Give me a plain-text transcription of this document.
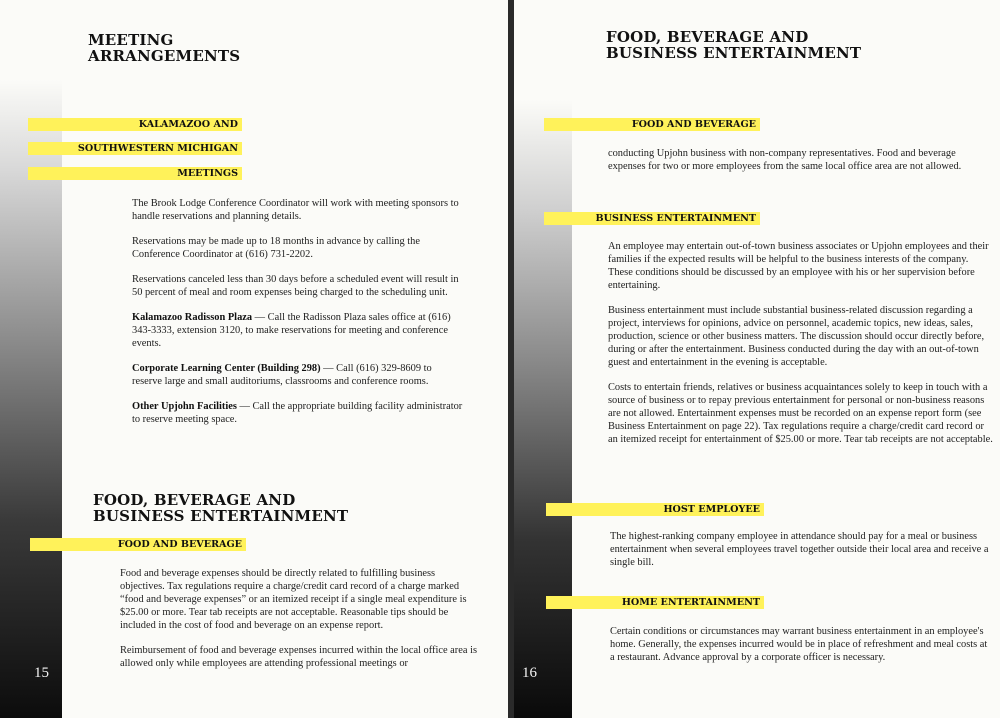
MEETING
ARRANGEMENTS
KALAMAZOO AND
SOUTHWESTERN MICHIGAN
MEETINGS

The Brook Lodge Conference Coordinator will work with meeting sponsors to handle reservations and planning details.

Reservations may be made up to 18 months in advance by calling the Conference Coordinator at (616) 731-2202.

Reservations canceled less than 30 days before a scheduled event will result in 50 percent of meal and room expenses being charged to the scheduling unit.

Kalamazoo Radisson Plaza — Call the Radisson Plaza sales office at (616) 343-3333, extension 3120, to make reservations for meeting and conference events.

Corporate Learning Center (Building 298) — Call (616) 329-8609 to reserve large and small auditoriums, classrooms and conference rooms.

Other Upjohn Facilities — Call the appropriate building facility administrator to reserve meeting space.

FOOD, BEVERAGE AND
BUSINESS ENTERTAINMENT
FOOD AND BEVERAGE

Food and beverage expenses should be directly related to fulfilling business objectives. Tax regulations require a charge/credit card record of a charge marked “food and beverage expenses” or an itemized receipt if a single meal expenditure is $25.00 or more. Tear tab receipts are not acceptable. Reasonable tips should be included in the cost of food and beverage on an expense report.

Reimbursement of food and beverage expenses incurred within the local office area is allowed only while employees are attending professional meetings or

15
FOOD, BEVERAGE AND
BUSINESS ENTERTAINMENT
FOOD AND BEVERAGE

conducting Upjohn business with non-company representatives. Food and beverage expenses for two or more employees from the same local office area are not allowed.

BUSINESS ENTERTAINMENT

An employee may entertain out-of-town business associates or Upjohn employees and their families if the expected results will be helpful to the business interests of the company. These conditions should be discussed by an employee with his or her supervision before entertaining.

Business entertainment must include substantial business-related discussion regarding a project, interviews for opinions, advice on personnel, academic topics, new ideas, sales, production, science or other business matters. The discussion should occur directly before, during or after the entertainment. Business conducted during the day with an out-of-town guest and entertainment in the evening is acceptable.

Costs to entertain friends, relatives or business acquaintances solely to keep in touch with a source of business or to repay previous entertainment for personal or non-business reasons are not allowed. Entertainment expenses must be recorded on an expense report form (see Business Entertainment on page 22). Tax regulations require a charge/credit card record or an itemized receipt for entertainment of $25.00 or more. Tear tab receipts are not acceptable.

HOST EMPLOYEE

The highest-ranking company employee in attendance should pay for a meal or business entertainment when several employees travel together outside their local area and receive a single bill.

HOME ENTERTAINMENT

Certain conditions or circumstances may warrant business entertainment in an employee's home. Generally, the expenses incurred would be in place of refreshment and meal costs at a restaurant. Advance approval by a corporate officer is necessary.

16
